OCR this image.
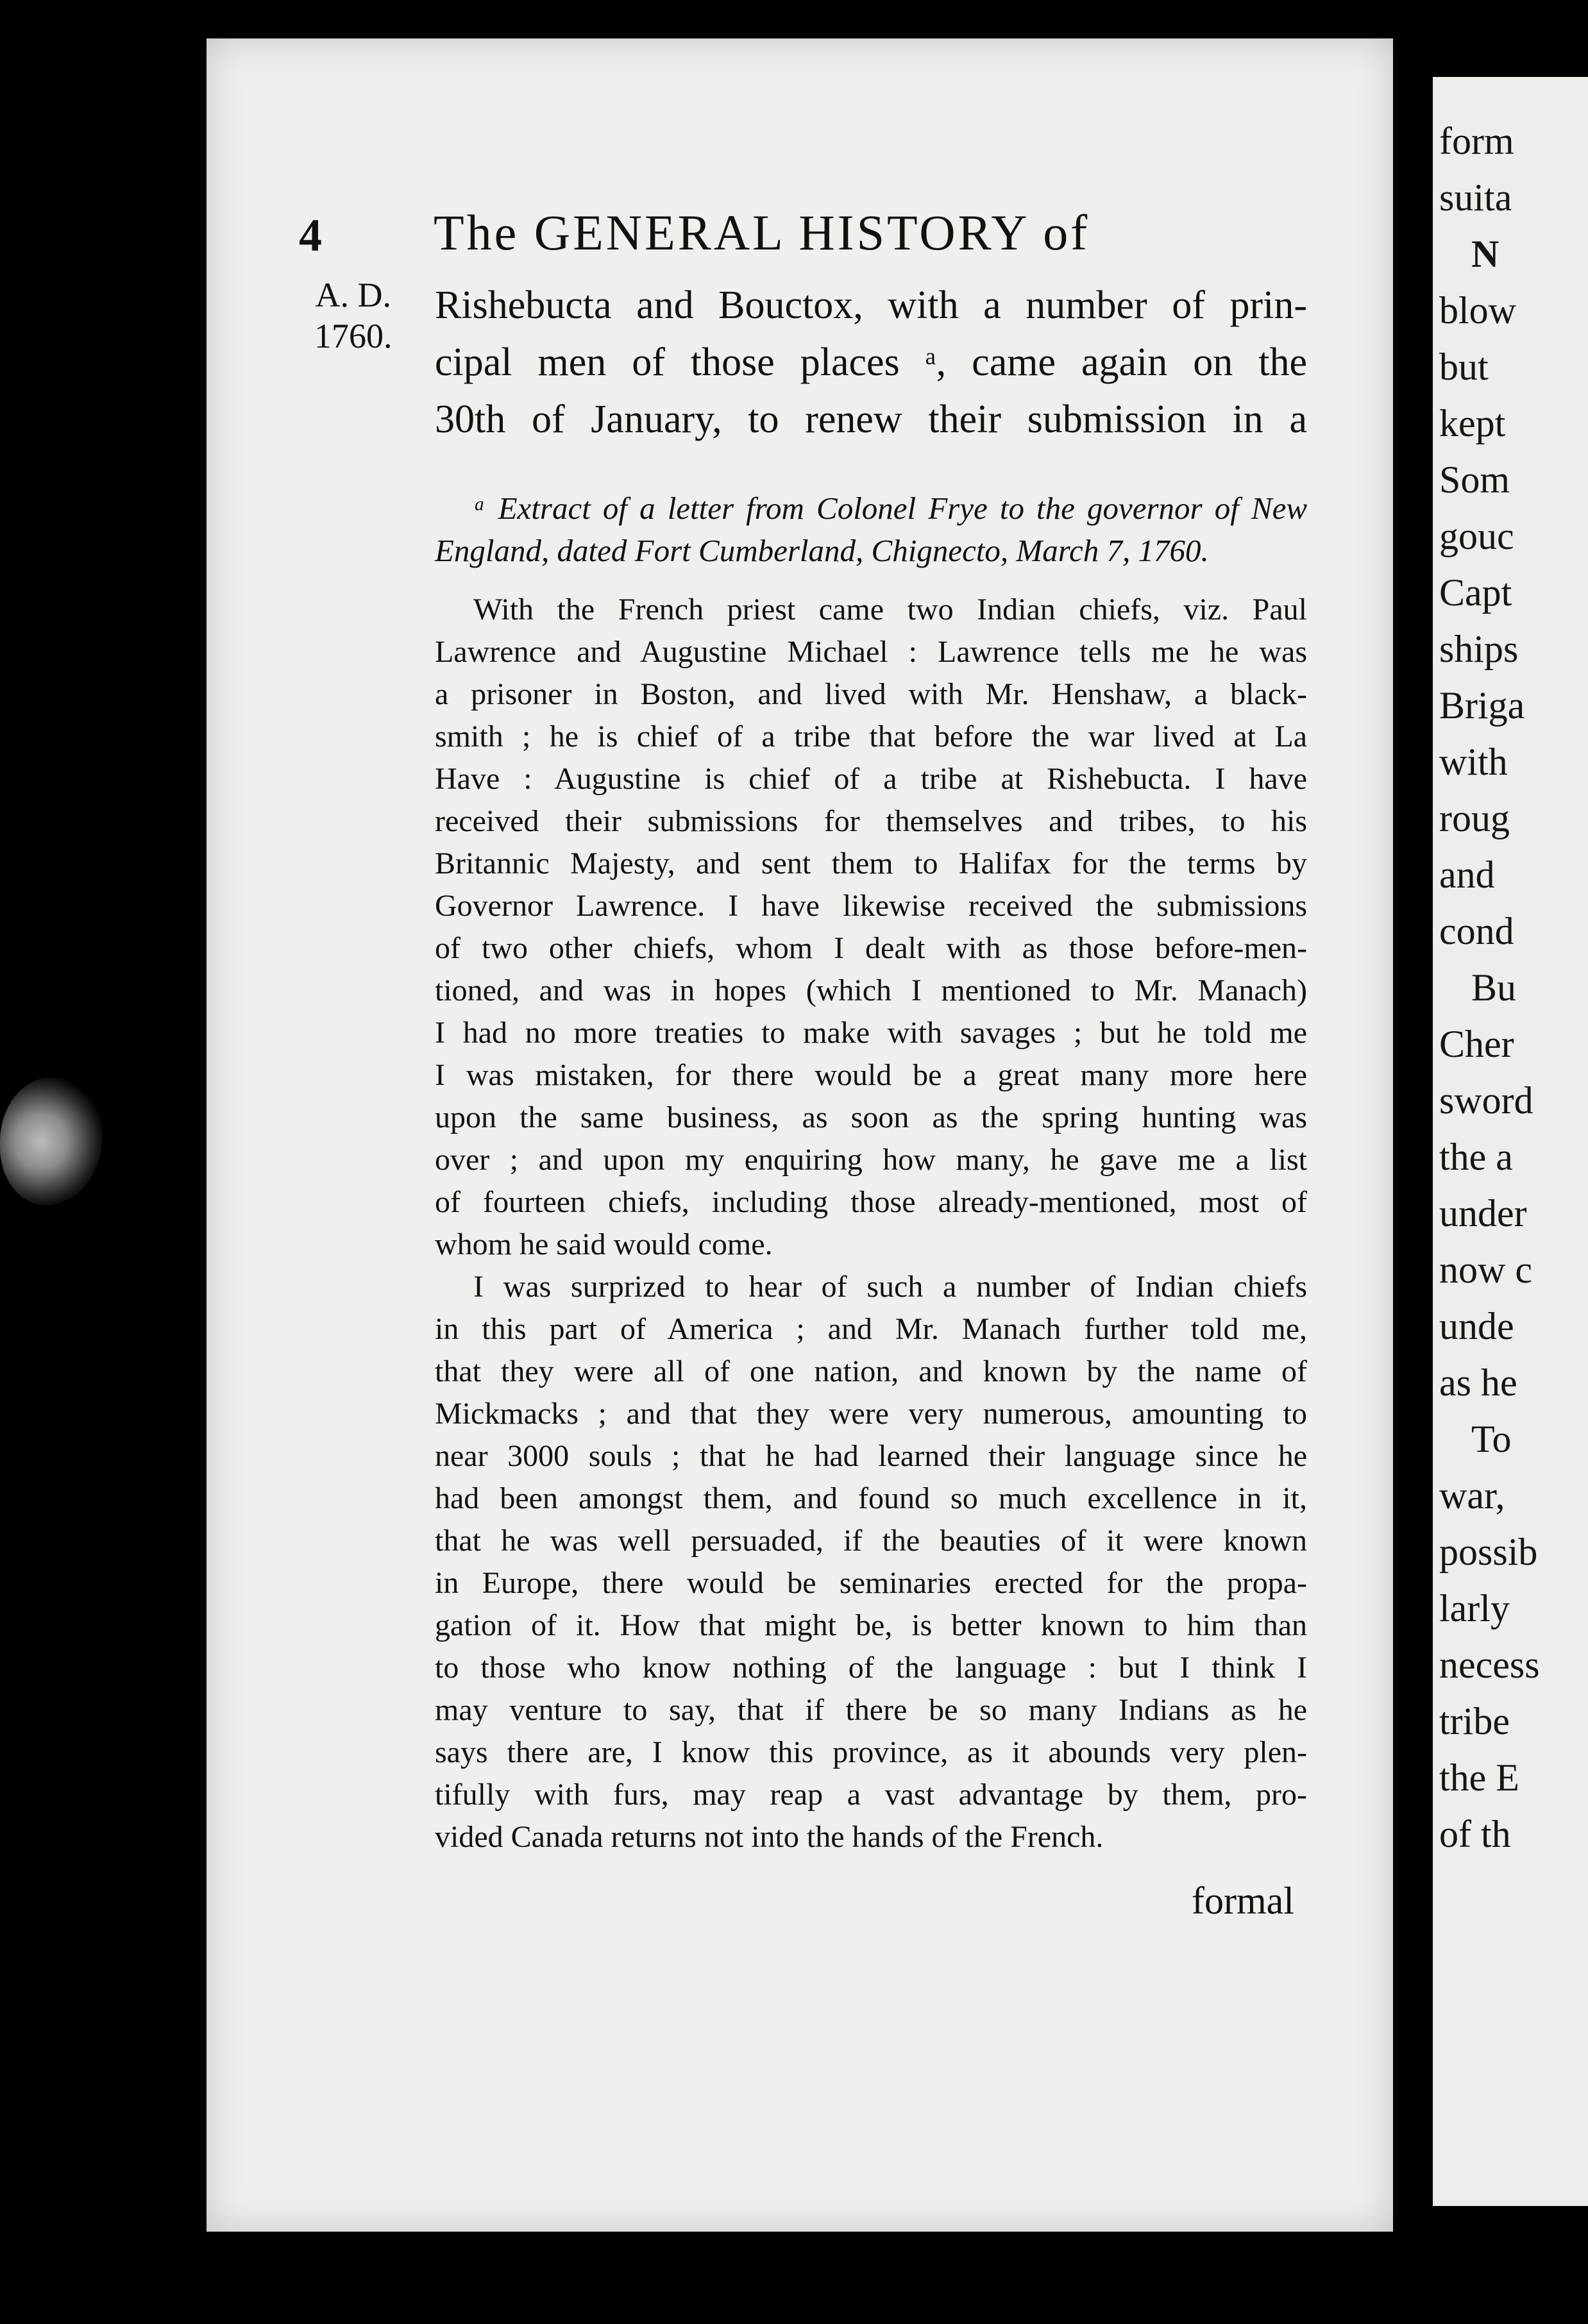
form
suita
N
blow
but
kept
Som
gouc
Capt
ships
Briga
with
roug
and
cond
Bu
Cher
sword
the a
under
now c
unde
as he
To
war,
possib
larly
necess
tribe
the E
of th
4 The GENERAL HISTORY of
A. D.
1760.
Rishebucta and Bouctox, with a number of prin-
cipal men of those places ᵃ, came again on the
30th of January, to renew their submission in a
ᵃ Extract of a letter from Colonel Frye to the governor of New
England, dated Fort Cumberland, Chignecto, March 7, 1760.
With the French priest came two Indian chiefs, viz. Paul
Lawrence and Augustine Michael : Lawrence tells me he was
a prisoner in Boston, and lived with Mr. Henshaw, a black-
smith ; he is chief of a tribe that before the war lived at La
Have : Augustine is chief of a tribe at Rishebucta. I have
received their submissions for themselves and tribes, to his
Britannic Majesty, and sent them to Halifax for the terms by
Governor Lawrence. I have likewise received the submissions
of two other chiefs, whom I dealt with as those before-men-
tioned, and was in hopes (which I mentioned to Mr. Manach)
I had no more treaties to make with savages ; but he told me
I was mistaken, for there would be a great many more here
upon the same business, as soon as the spring hunting was
over ; and upon my enquiring how many, he gave me a list
of fourteen chiefs, including those already-mentioned, most of
whom he said would come.
I was surprized to hear of such a number of Indian chiefs
in this part of America ; and Mr. Manach further told me,
that they were all of one nation, and known by the name of
Mickmacks ; and that they were very numerous, amounting to
near 3000 souls ; that he had learned their language since he
had been amongst them, and found so much excellence in it,
that he was well persuaded, if the beauties of it were known
in Europe, there would be seminaries erected for the propa-
gation of it. How that might be, is better known to him than
to those who know nothing of the language : but I think I
may venture to say, that if there be so many Indians as he
says there are, I know this province, as it abounds very plen-
tifully with furs, may reap a vast advantage by them, pro-
vided Canada returns not into the hands of the French.
formal
